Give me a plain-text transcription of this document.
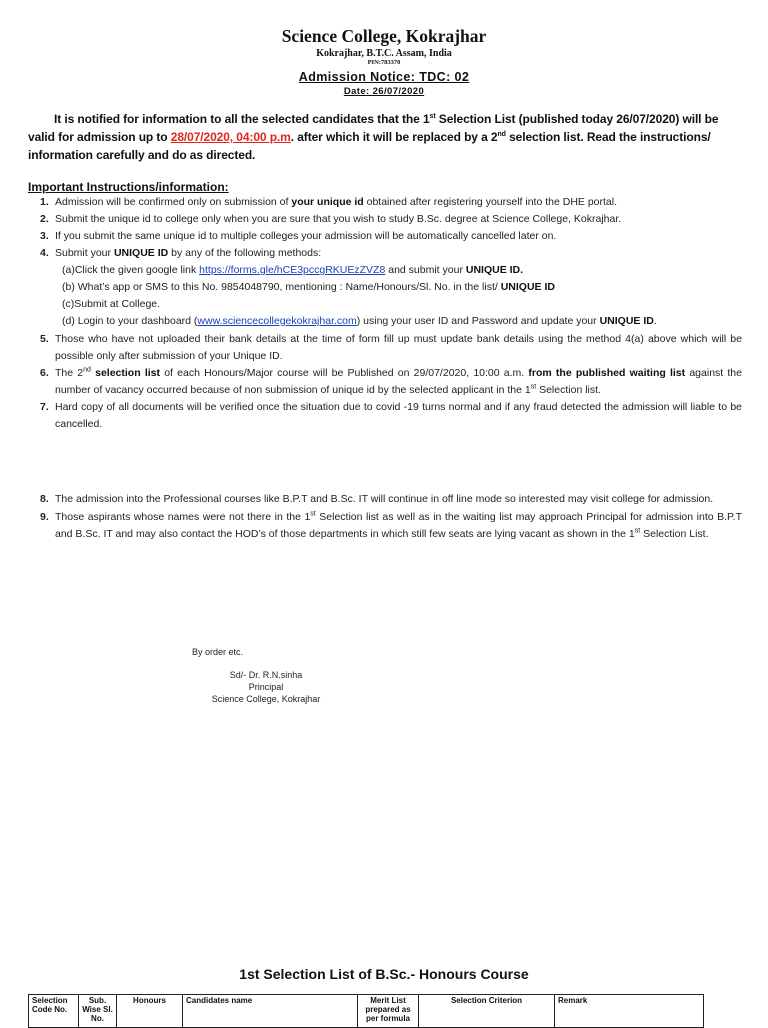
Science College, Kokrajhar
Kokrajhar, B.T.C. Assam, India
PIN:783370
Admission Notice: TDC: 02
Date: 26/07/2020
It is notified for information to all the selected candidates that the 1st Selection List (published today 26/07/2020) will be valid for admission up to 28/07/2020, 04:00 p.m. after which it will be replaced by a 2nd selection list. Read the instructions/ information carefully and do as directed.
Important Instructions/information:
1. Admission will be confirmed only on submission of your unique id obtained after registering yourself into the DHE portal.
2. Submit the unique id to college only when you are sure that you wish to study B.Sc. degree at Science College, Kokrajhar.
3. If you submit the same unique id to multiple colleges your admission will be automatically cancelled later on.
4. Submit your UNIQUE ID by any of the following methods:
(a)Click the given google link https://forms.gle/hCE3pccgRKUEzZVZ8 and submit your UNIQUE ID.
(b) What’s app or SMS to this No. 9854048790, mentioning : Name/Honours/Sl. No. in the list/ UNIQUE ID
(c)Submit at College.
(d) Login to your dashboard (www.sciencecollegekokrajhar.com) using your user ID and Password and update your UNIQUE ID.
5. Those who have not uploaded their bank details at the time of form fill up must update bank details using the method 4(a) above which will be possible only after submission of your Unique ID.
6. The 2nd selection list of each Honours/Major course will be Published on 29/07/2020, 10:00 a.m. from the published waiting list against the number of vacancy occurred because of non submission of unique id by the selected applicant in the 1st Selection list.
7. Hard copy of all documents will be verified once the situation due to covid -19 turns normal and if any fraud detected the admission will liable to be cancelled.
8. The admission into the Professional courses like B.P.T and B.Sc. IT will continue in off line mode so interested may visit college for admission.
9. Those aspirants whose names were not there in the 1st Selection list as well as in the waiting list may approach Principal for admission into B.P.T and B.Sc. IT and may also contact the HOD’s of those departments in which still few seats are lying vacant as shown in the 1st Selection List.
By order etc.
Sd/- Dr. R.N.sinha
Principal
Science College, Kokrajhar
1st Selection List of B.Sc.- Honours Course
Selection Code No.	Sub. Wise Sl. No.	Honours	Candidates name	Merit List prepared as per formula	Selection Criterion	Remark
